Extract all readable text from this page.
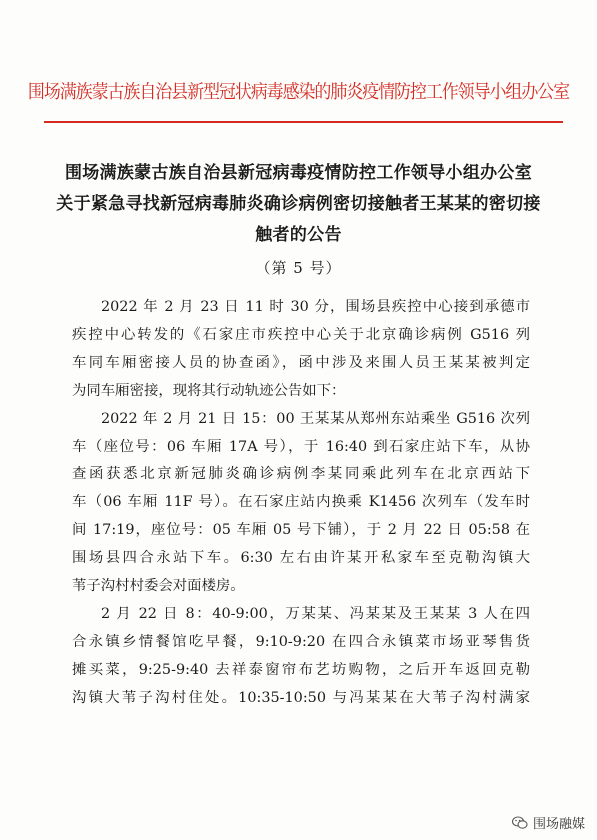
围场满族蒙古族自治县新型冠状病毒感染的肺炎疫情防控工作领导小组办公室
围场满族蒙古族自治县新冠病毒疫情防控工作领导小组办公室
关于紧急寻找新冠病毒肺炎确诊病例密切接触者王某某的密切接
触者的公告
（第 5 号）
2022 年 2 月 23 日 11 时 30 分，围场县疾控中心接到承德市
疾控中心转发的《石家庄市疾控中心关于北京确诊病例 G516 列
车同车厢密接人员的协查函》，函中涉及来围人员王某某被判定
为同车厢密接，现将其行动轨迹公告如下：
2022 年 2 月 21 日 15：00 王某某从郑州东站乘坐 G516 次列
车（座位号：06 车厢 17A 号），于 16:40 到石家庄站下车，从协
查函获悉北京新冠肺炎确诊病例李某同乘此列车在北京西站下
车（06 车厢 11F 号）。在石家庄站内换乘 K1456 次列车（发车时
间 17:19，座位号：05 车厢 05 号下铺），于 2 月 22 日 05:58 在
围场县四合永站下车。6:30 左右由许某开私家车至克勒沟镇大
苇子沟村村委会对面楼房。
2 月 22 日 8：40-9:00，万某某、冯某某及王某某 3 人在四
合永镇乡情餐馆吃早餐，9:10-9:20 在四合永镇菜市场亚琴售货
摊买菜，9:25-9:40 去祥泰窗帘布艺坊购物，之后开车返回克勒
沟镇大苇子沟村住处。10:35-10:50 与冯某某在大苇子沟村满家
围场融媒
